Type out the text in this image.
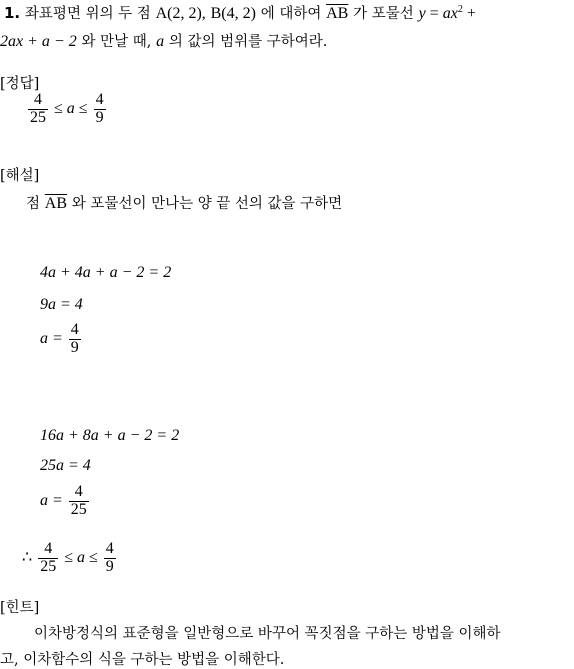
1. 좌표평면 위의 두 점 A(2, 2), B(4, 2) 에 대하여 $\overline{AB}$ 가 포물선 $y = ax^2$ +
2ax + a − 2 와 만날 때, a 의 값의 범위를 구하여라.
[정답]
$\frac{4}{25} \le a \le \frac{4}{9}$
[해설]
점 $\overline{AB}$ 와 포물선이 만나는 양 끝 선의 값을 구하면
4a + 4a + a − 2 = 2
9a = 4
$a = \frac{4}{9}$
16a + 8a + a − 2 = 2
25a = 4
$a = \frac{4}{25}$
∴ $\frac{4}{25} \le a \le \frac{4}{9}$
[힌트]
이차방정식의 표준형을 일반형으로 바꾸어 꼭짓점을 구하는 방법을 이해하
고, 이차함수의 식을 구하는 방법을 이해한다.
